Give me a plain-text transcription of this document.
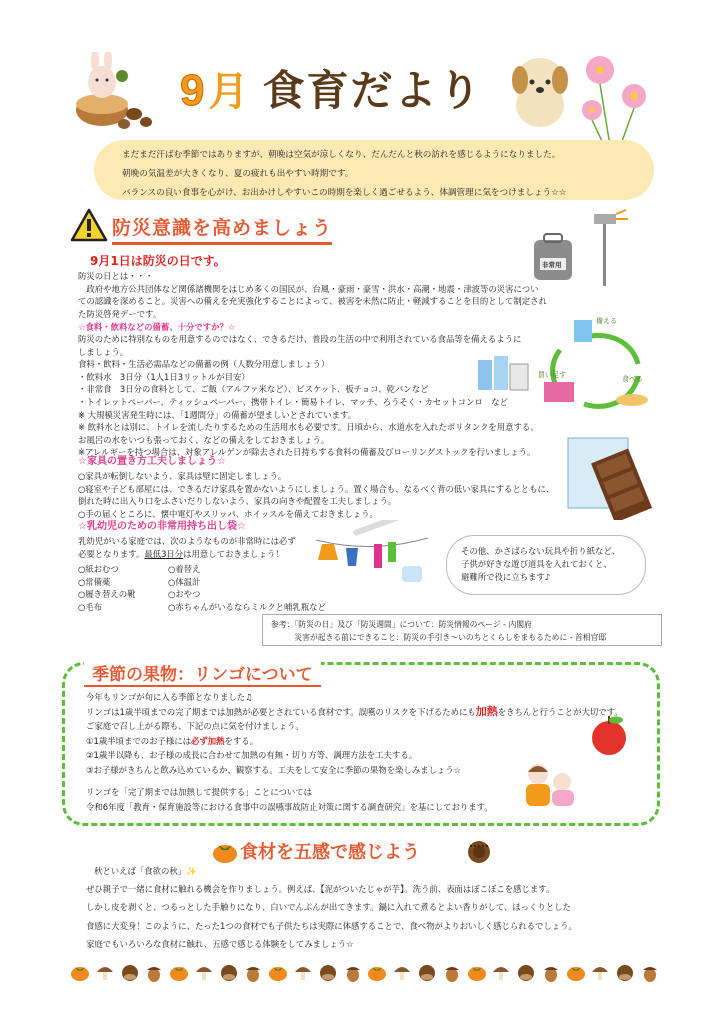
9 月 食育だより

まだまだ汗ばむ季節ではありますが、朝晩は空気が涼しくなり、だんだんと秋の訪れを感じるようになりました。

朝晩の気温差が大きくなり、夏の疲れも出やすい時期です。

バランスの良い食事を心がけ、お出かけしやすいこの時期を楽しく過ごせるよう、体調管理に気をつけましょう☆☆

防災意識を高めましょう
非常用
9月1日は防災の日です。
防災の日とは・・・
　政府や地方公共団体など関係諸機関をはじめ多くの国民が、台風・豪雨・豪雪・洪水・高潮・地震・津波等の災害につい
ての認識を深めること。災害への備えを充実強化することによって、被害を未然に防止・軽減することを目的として制定され
た防災啓発デーです。
☆食料・飲料などの備蓄、十分ですか？☆
防災のために特別なものを用意するのではなく、できるだけ、普段の生活の中で利用されている食品等を備えるように
しましょう。
食料・飲料・生活必需品などの備蓄の例（人数分用意しましょう）
・飲料水　3日分（1人1日3リットルが目安）
・非常食　3日分の食料として、ご飯（アルファ米など）、ビスケット、板チョコ、乾パンなど
・トイレットペーパー、ティッシュペーパー、携帯トイレ・簡易トイレ、マッチ、ろうそく・カセットコンロ　など
※ 大規模災害発生時には、「1週間分」の備蓄が望ましいとされています。
※ 飲料水とは別に、トイレを流したりするための生活用水も必要です。日頃から、水道水を入れたポリタンクを用意する、
お風呂の水をいつも張っておく、などの備えをしておきましょう。
※アレルギーを持つ場合は、対象アレルゲンが除去された日持ちする食料の備蓄及びローリングストックを行いましょう。
備える
食べる
買い足す
☆家具の置き方工夫しましょう☆
○家具が転倒しないよう、家具は壁に固定しましょう。
○寝室や子ども部屋には、できるだけ家具を置かないようにしましょう。置く場合も、なるべく背の低い家具にするとともに、
倒れた時に出入り口をふさいだりしないよう、家具の向きや配置を工夫しましょう。
○手の届くところに、懐中電灯やスリッパ、ホイッスルを備えておきましょう。
☆乳幼児のための非常用持ち出し袋☆
乳幼児がいる家庭では、次のようなものが非常時には必ず
必要となります。最低3日分は用意しておきましょう！
○紙おむつ	○着替え
○常備薬	○体温計
○履き替えの靴	○おやつ
○毛布	○赤ちゃんがいるならミルクと哺乳瓶など
その他、かさばらない玩具や折り紙など、
子供が好きな遊び道具を入れておくと、
避難所で役に立ちます♪
参考：「防災の日」及び「防災週間」について：防災情報のページ - 内閣府
　　　災害が起きる前にできること：防災の手引き～いのちとくらしをまもるために - 首相官邸
季節の果物：リンゴについて
今年もリンゴが旬に入る季節となりました♫
リンゴは1歳半頃までの完了期までは加熱が必要とされている食材です。誤嚥のリスクを下げるためにも加熱をきちんと行うことが大切です。
ご家庭で召し上がる際も、下記の点に気を付けましょう。
①1歳半頃までのお子様には必ず加熱をする。
②1歳半以降も、お子様の成長に合わせて加熱の有無・切り方等、調理方法を工夫する。
③お子様がきちんと飲み込めているか、観察する。工夫をして安全に季節の果物を楽しみましょう☆
リンゴを「完了期までは加熱して提供する」ことについては
令和6年度「教育・保育施設等における食事中の誤嚥事故防止対策に関する調査研究」を基にしております。
食材を五感で感じよう
秋といえば「食欲の秋」✨
ぜひ親子で一緒に食材に触れる機会を作りましょう。例えば、【泥がついたじゃが芋】。洗う前、表面はぼこぼこを感じます。
しかし皮を剥くと、つるっとした手触りになり、白いでんぷんが出てきます。鍋に入れて煮るとよい香りがして、ほっくりとした
食感に大変身！このように、たった1つの食材でも子供たちは実際に体感することで、食べ物がよりおいしく感じられるでしょう。
家庭でもいろいろな食材に触れ、五感で感じる体験をしてみましょう☆
